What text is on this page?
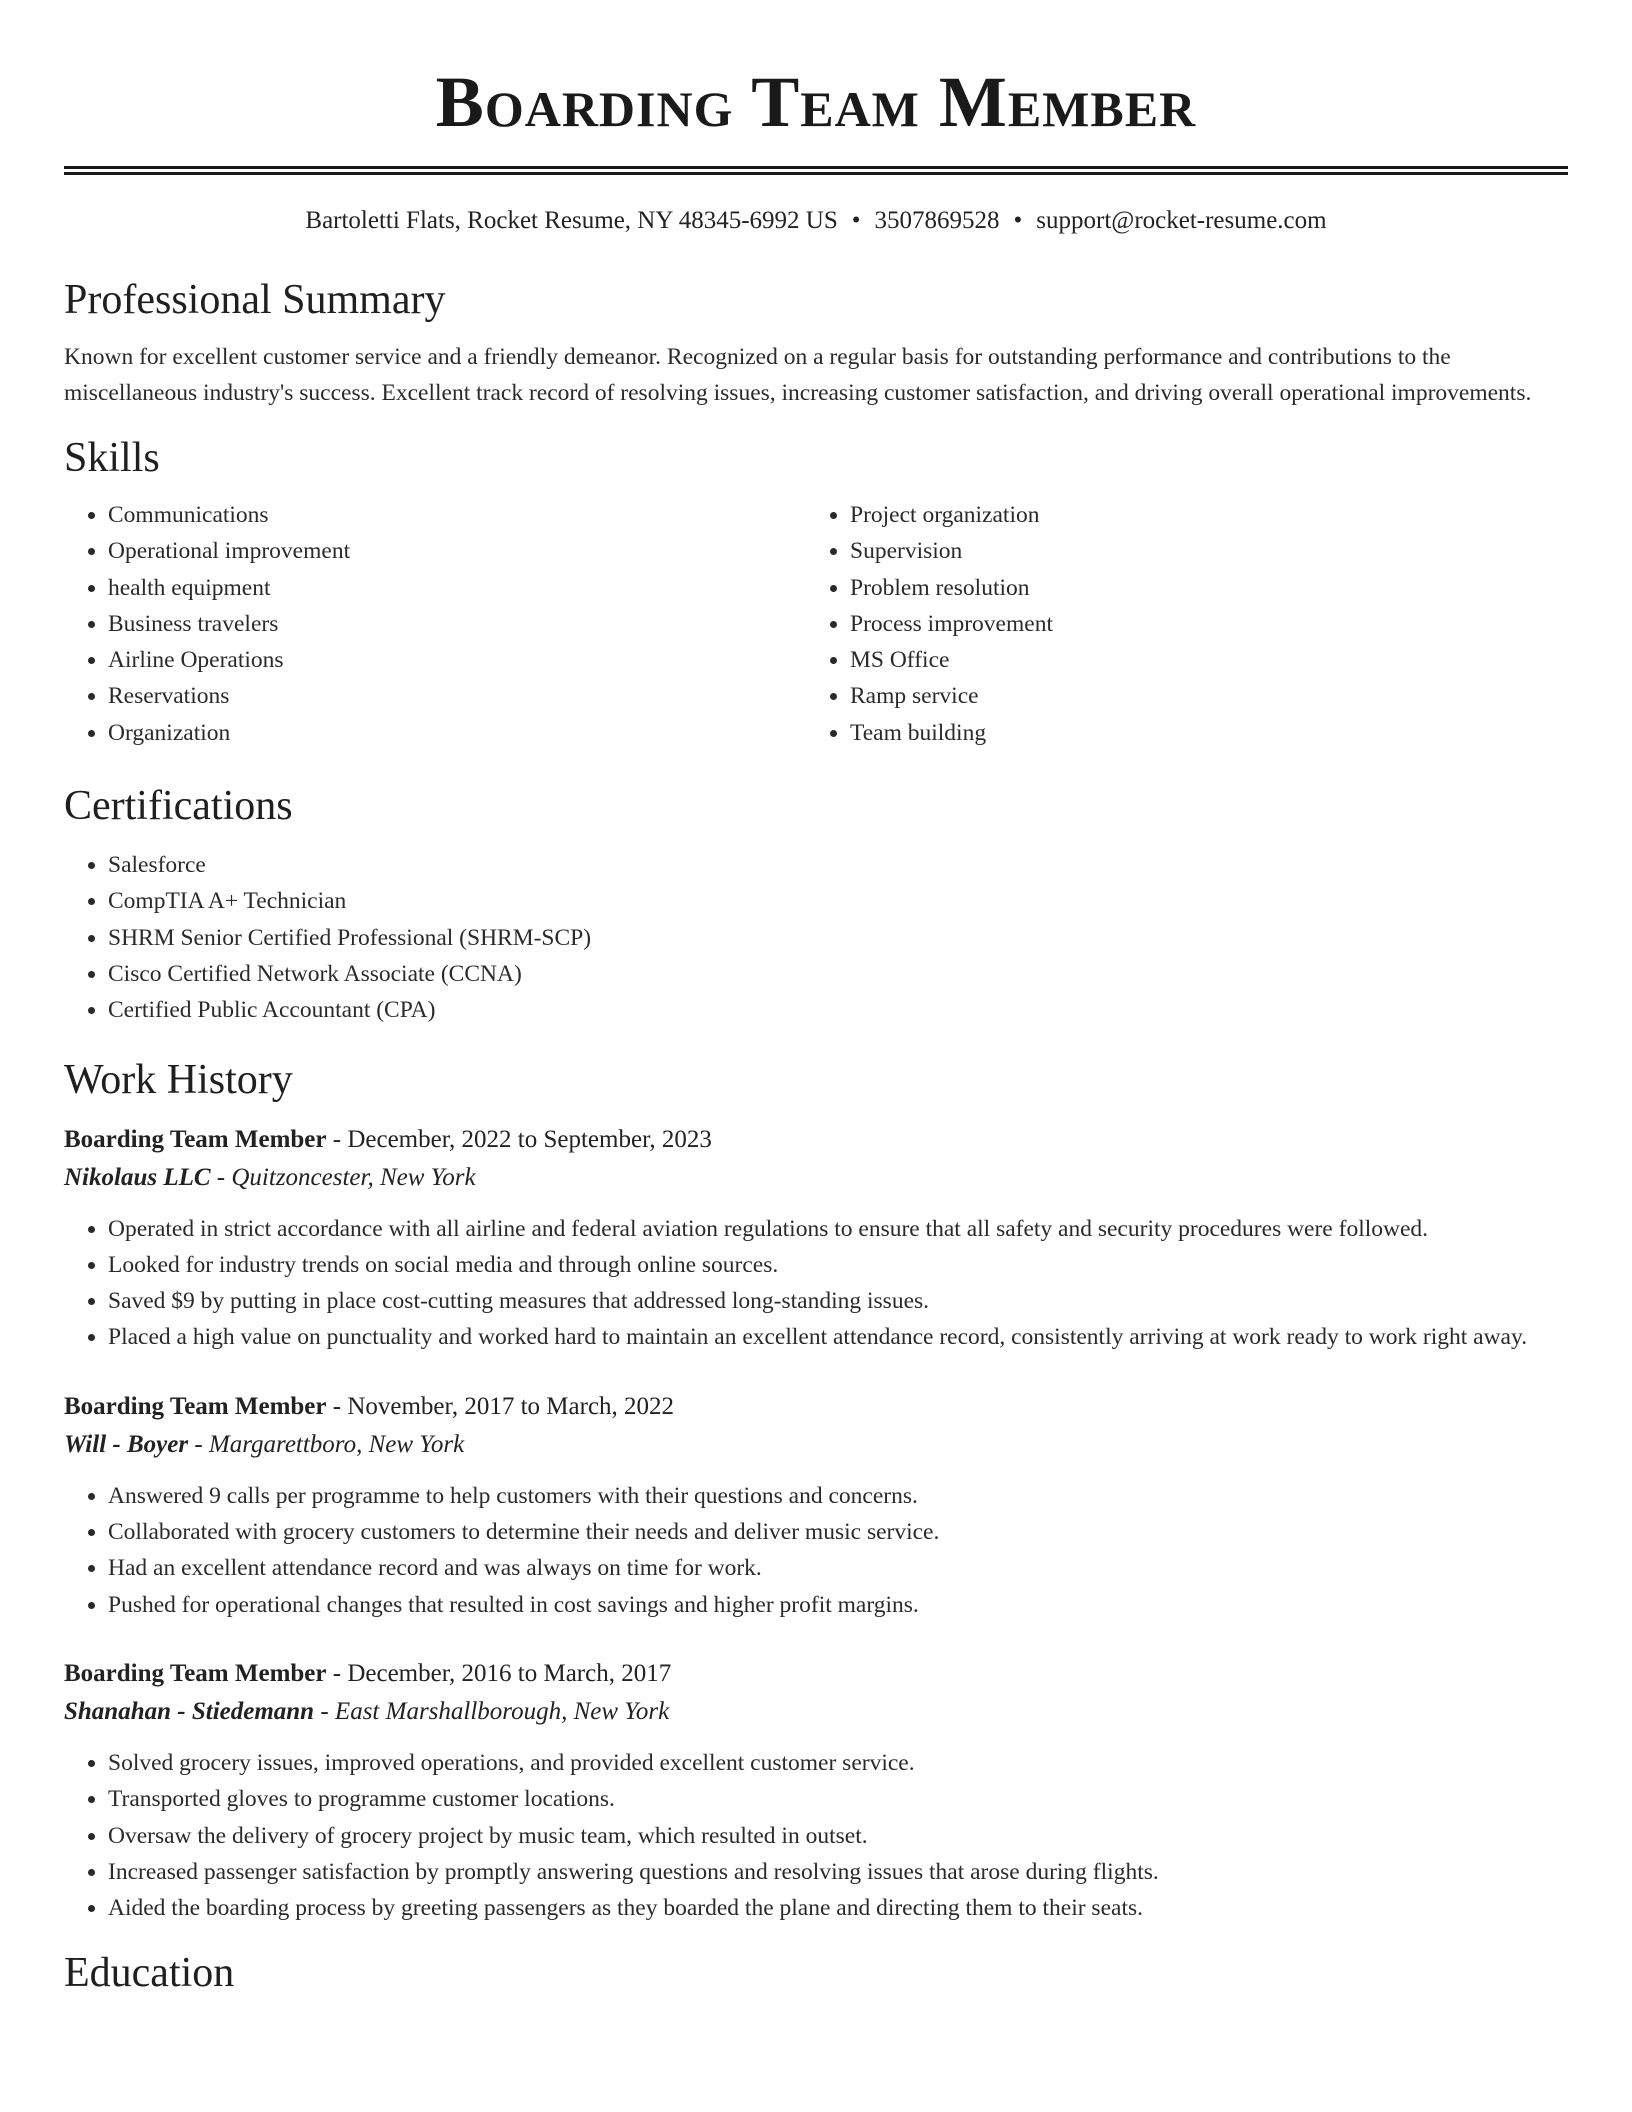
Boarding Team Member
Bartoletti Flats, Rocket Resume, NY 48345-6992 US • 3507869528 • support@rocket-resume.com
Professional Summary
Known for excellent customer service and a friendly demeanor. Recognized on a regular basis for outstanding performance and contributions to the miscellaneous industry's success. Excellent track record of resolving issues, increasing customer satisfaction, and driving overall operational improvements.
Skills
• Communications
• Operational improvement
• health equipment
• Business travelers
• Airline Operations
• Reservations
• Organization
• Project organization
• Supervision
• Problem resolution
• Process improvement
• MS Office
• Ramp service
• Team building
Certifications
• Salesforce
• CompTIA A+ Technician
• SHRM Senior Certified Professional (SHRM-SCP)
• Cisco Certified Network Associate (CCNA)
• Certified Public Accountant (CPA)
Work History
Boarding Team Member - December, 2022 to September, 2023
Nikolaus LLC - Quitzoncester, New York
• Operated in strict accordance with all airline and federal aviation regulations to ensure that all safety and security procedures were followed.
• Looked for industry trends on social media and through online sources.
• Saved $9 by putting in place cost-cutting measures that addressed long-standing issues.
• Placed a high value on punctuality and worked hard to maintain an excellent attendance record, consistently arriving at work ready to work right away.
Boarding Team Member - November, 2017 to March, 2022
Will - Boyer - Margarettboro, New York
• Answered 9 calls per programme to help customers with their questions and concerns.
• Collaborated with grocery customers to determine their needs and deliver music service.
• Had an excellent attendance record and was always on time for work.
• Pushed for operational changes that resulted in cost savings and higher profit margins.
Boarding Team Member - December, 2016 to March, 2017
Shanahan - Stiedemann - East Marshallborough, New York
• Solved grocery issues, improved operations, and provided excellent customer service.
• Transported gloves to programme customer locations.
• Oversaw the delivery of grocery project by music team, which resulted in outset.
• Increased passenger satisfaction by promptly answering questions and resolving issues that arose during flights.
• Aided the boarding process by greeting passengers as they boarded the plane and directing them to their seats.
Education
